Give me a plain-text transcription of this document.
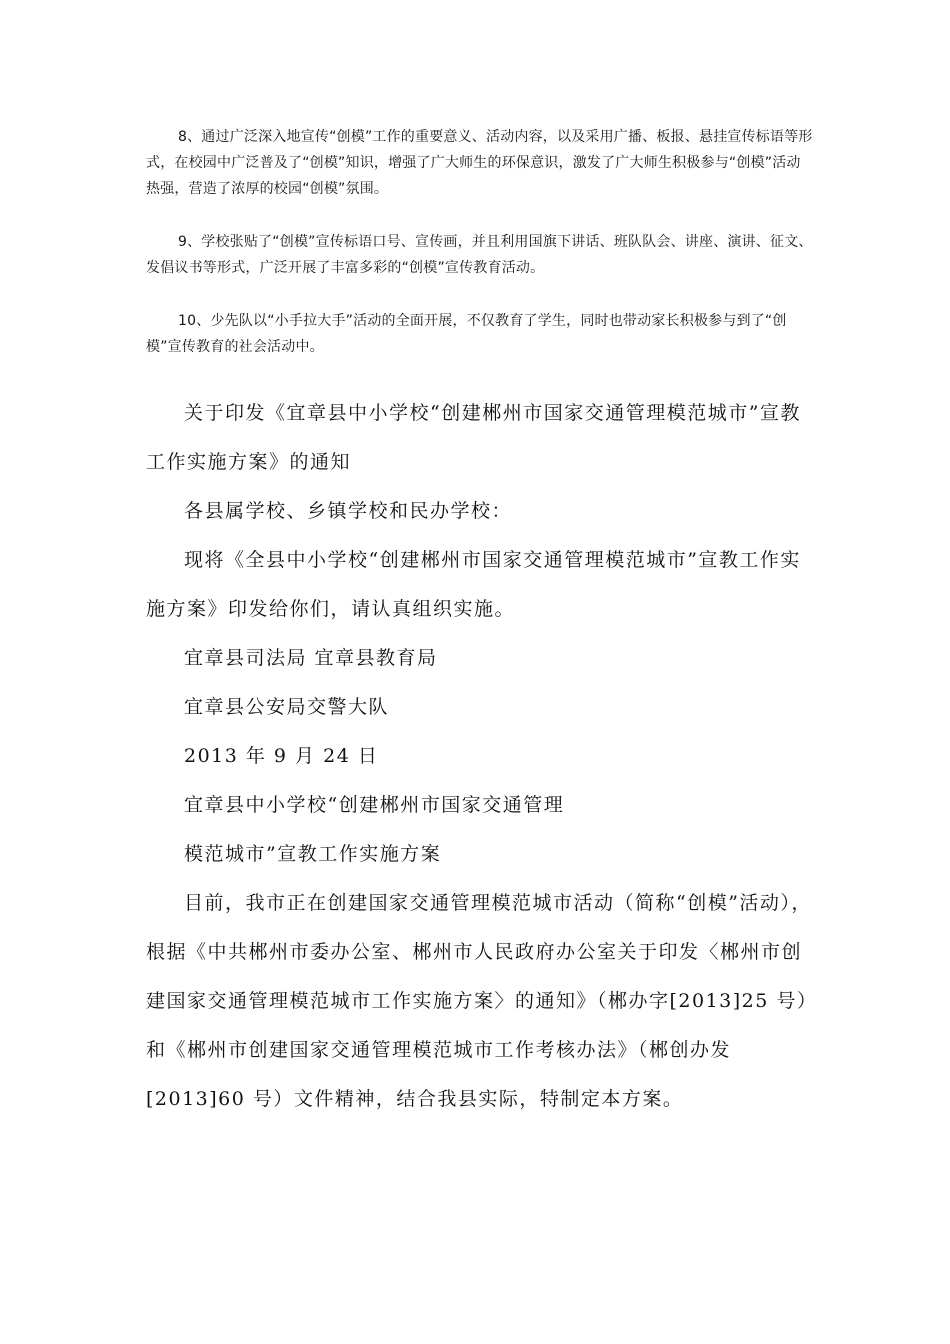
8、通过广泛深入地宣传“创模”工作的重要意义、活动内容，以及采用广播、板报、悬挂宣传标语等形式，在校园中广泛普及了“创模”知识，增强了广大师生的环保意识，激发了广大师生积极参与“创模”活动热强，营造了浓厚的校园“创模”氛围。

9、学校张贴了“创模”宣传标语口号、宣传画，并且利用国旗下讲话、班队队会、讲座、演讲、征文、发倡议书等形式，广泛开展了丰富多彩的“创模”宣传教育活动。

10、少先队以“小手拉大手”活动的全面开展，不仅教育了学生，同时也带动家长积极参与到了“创模”宣传教育的社会活动中。

关于印发《宜章县中小学校“创建郴州市国家交通管理模范城市”宣教工作实施方案》的通知

各县属学校、乡镇学校和民办学校：

现将《全县中小学校“创建郴州市国家交通管理模范城市”宣教工作实施方案》印发给你们，请认真组织实施。

宜章县司法局 宜章县教育局

宜章县公安局交警大队

2013 年 9 月 24 日

宜章县中小学校“创建郴州市国家交通管理

模范城市”宣教工作实施方案

目前，我市正在创建国家交通管理模范城市活动（简称“创模”活动），根据《中共郴州市委办公室、郴州市人民政府办公室关于印发〈郴州市创建国家交通管理模范城市工作实施方案〉的通知》（郴办字[2013]25 号）和《郴州市创建国家交通管理模范城市工作考核办法》（郴创办发[2013]60 号）文件精神，结合我县实际，特制定本方案。
